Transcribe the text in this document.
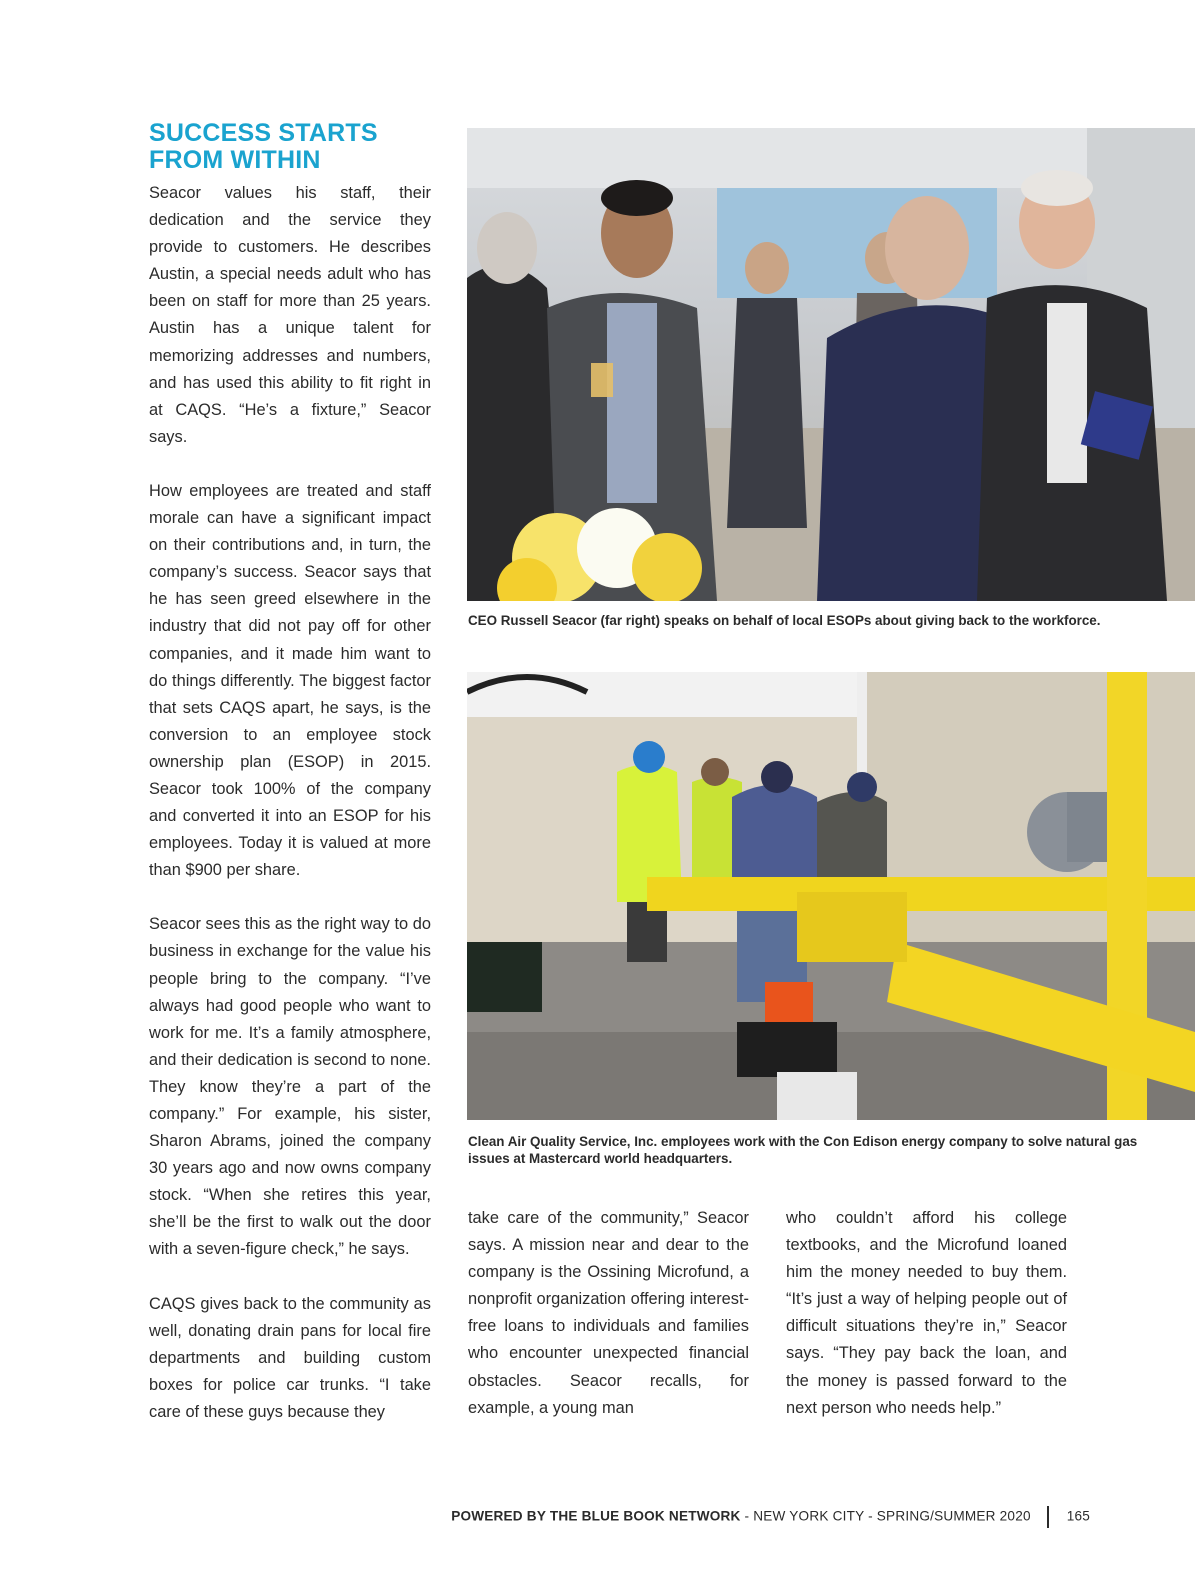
SUCCESS STARTS
FROM WITHIN

Seacor values his staff, their dedication and the service they provide to customers. He describes Austin, a special needs adult who has been on staff for more than 25 years. Austin has a unique talent for memorizing addresses and numbers, and has used this ability to fit right in at CAQS. “He’s a fixture,” Seacor says.

How employees are treated and staff morale can have a significant impact on their contributions and, in turn, the company’s success. Seacor says that he has seen greed elsewhere in the industry that did not pay off for other companies, and it made him want to do things differently. The biggest factor that sets CAQS apart, he says, is the conversion to an employee stock ownership plan (ESOP) in 2015. Seacor took 100% of the company and converted it into an ESOP for his employees. Today it is valued at more than $900 per share.

Seacor sees this as the right way to do business in exchange for the value his people bring to the company. “I’ve always had good people who want to work for me. It’s a family atmosphere, and their dedication is second to none. They know they’re a part of the company.” For example, his sister, Sharon Abrams, joined the company 30 years ago and now owns company stock. “When she retires this year, she’ll be the first to walk out the door with a seven-figure check,” he says.

CAQS gives back to the community as well, donating drain pans for local fire departments and building custom boxes for police car trunks. “I take care of these guys because they

CEO Russell Seacor (far right) speaks on behalf of local ESOPs about giving back to the workforce.
Clean Air Quality Service, Inc. employees work with the Con Edison energy company to solve natural gas issues at Mastercard world headquarters.

take care of the community,” Seacor says. A mission near and dear to the company is the Ossining Microfund, a nonprofit organization offering interest-free loans to individuals and families who encounter unexpected financial obstacles. Seacor recalls, for example, a young man

who couldn’t afford his college textbooks, and the Microfund loaned him the money needed to buy them. “It’s just a way of helping people out of difficult situations they’re in,” Seacor says. “They pay back the loan, and the money is passed forward to the next person who needs help.”

POWERED BY THE BLUE BOOK NETWORK - NEW YORK CITY - SPRING/SUMMER 2020	165
